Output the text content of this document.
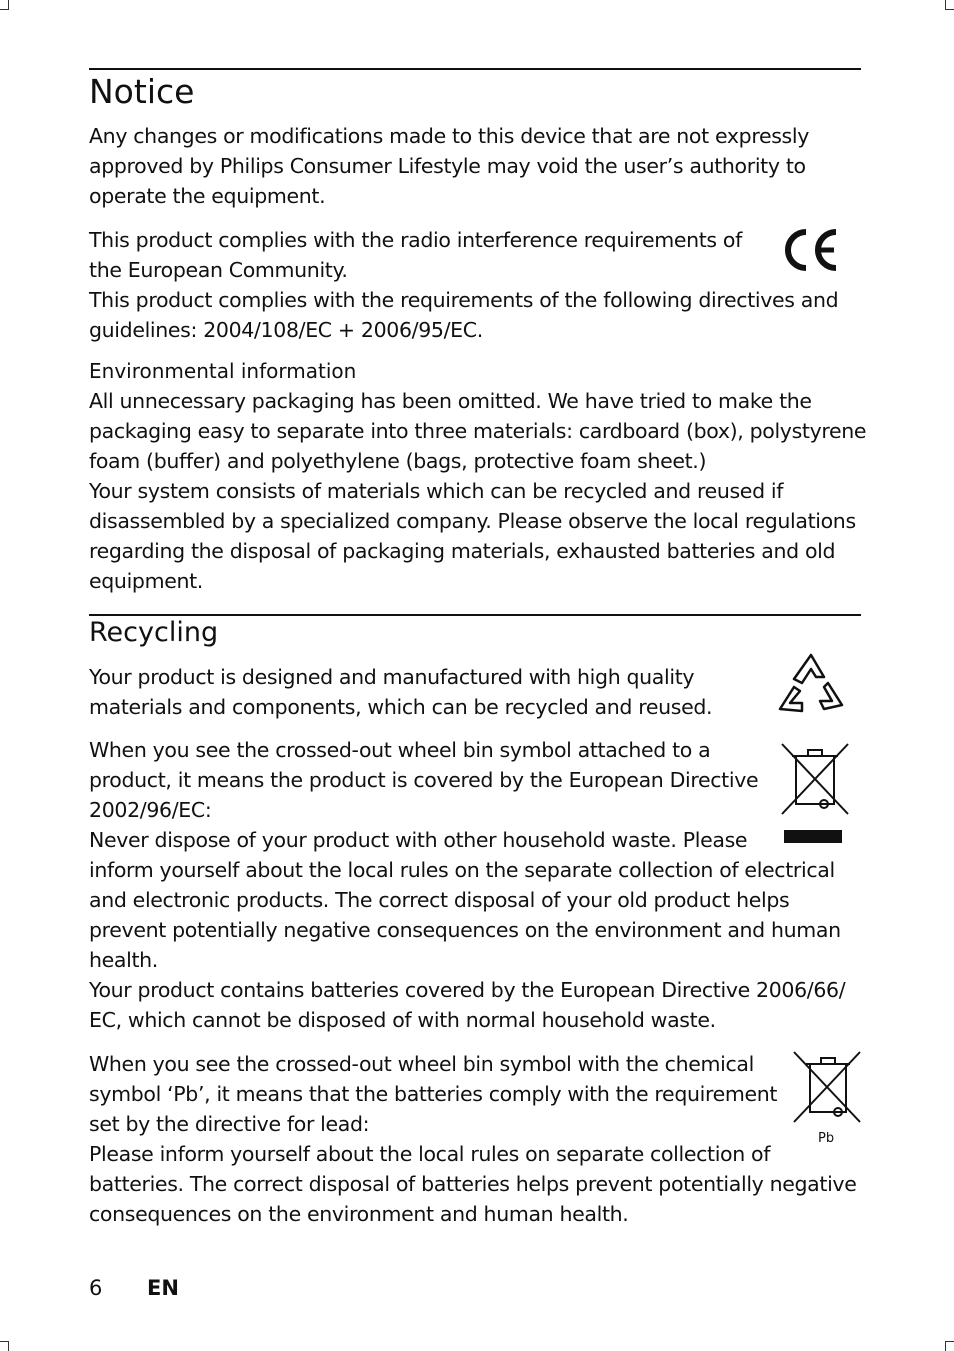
Notice
Any changes or modifications made to this device that are not expressly
approved by Philips Consumer Lifestyle may void the user’s authority to
operate the equipment.
This product complies with the radio interference requirements of
the European Community.
This product complies with the requirements of the following directives and
guidelines: 2004/108/EC + 2006/95/EC.
Environmental information
All unnecessary packaging has been omitted. We have tried to make the
packaging easy to separate into three materials: cardboard (box), polystyrene
foam (buffer) and polyethylene (bags, protective foam sheet.)
Your system consists of materials which can be recycled and reused if
disassembled by a specialized company. Please observe the local regulations
regarding the disposal of packaging materials, exhausted batteries and old
equipment.
Recycling
Your product is designed and manufactured with high quality
materials and components, which can be recycled and reused.
When you see the crossed-out wheel bin symbol attached to a
product, it means the product is covered by the European Directive
2002/96/EC:
Never dispose of your product with other household waste. Please
inform yourself about the local rules on the separate collection of electrical
and electronic products. The correct disposal of your old product helps
prevent potentially negative consequences on the environment and human
health.
Your product contains batteries covered by the European Directive 2006/66/
EC, which cannot be disposed of with normal household waste.
When you see the crossed-out wheel bin symbol with the chemical
symbol ‘Pb’, it means that the batteries comply with the requirement
set by the directive for lead:
Please inform yourself about the local rules on separate collection of
batteries. The correct disposal of batteries helps prevent potentially negative
consequences on the environment and human health.
Pb
6 EN
